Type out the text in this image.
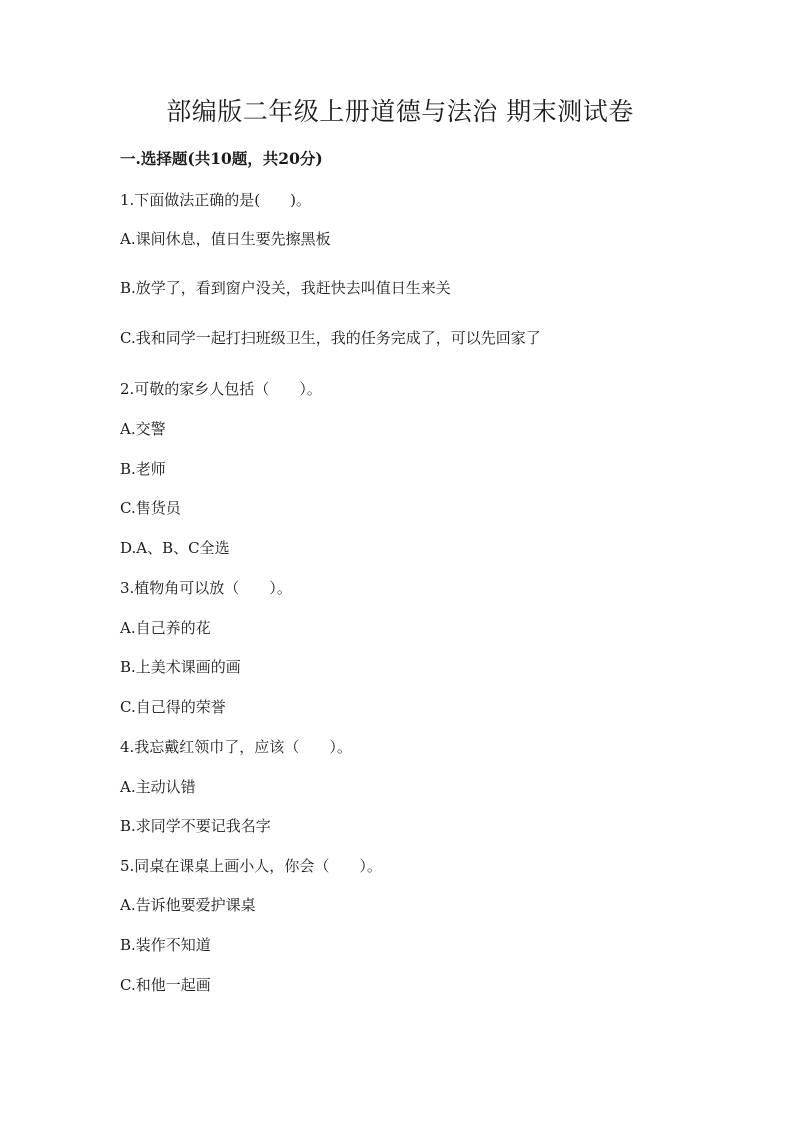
部编版二年级上册道德与法治 期末测试卷
一.选择题(共10题，共20分)
1.下面做法正确的是(　　)。
A.课间休息，值日生要先擦黑板
B.放学了，看到窗户没关，我赶快去叫值日生来关
C.我和同学一起打扫班级卫生，我的任务完成了，可以先回家了
2.可敬的家乡人包括（　　）。
A.交警
B.老师
C.售货员
D.A、B、C全选
3.植物角可以放（　　）。
A.自己养的花
B.上美术课画的画
C.自己得的荣誉
4.我忘戴红领巾了，应该（　　）。
A.主动认错
B.求同学不要记我名字
5.同桌在课桌上画小人，你会（　　）。
A.告诉他要爱护课桌
B.装作不知道
C.和他一起画
